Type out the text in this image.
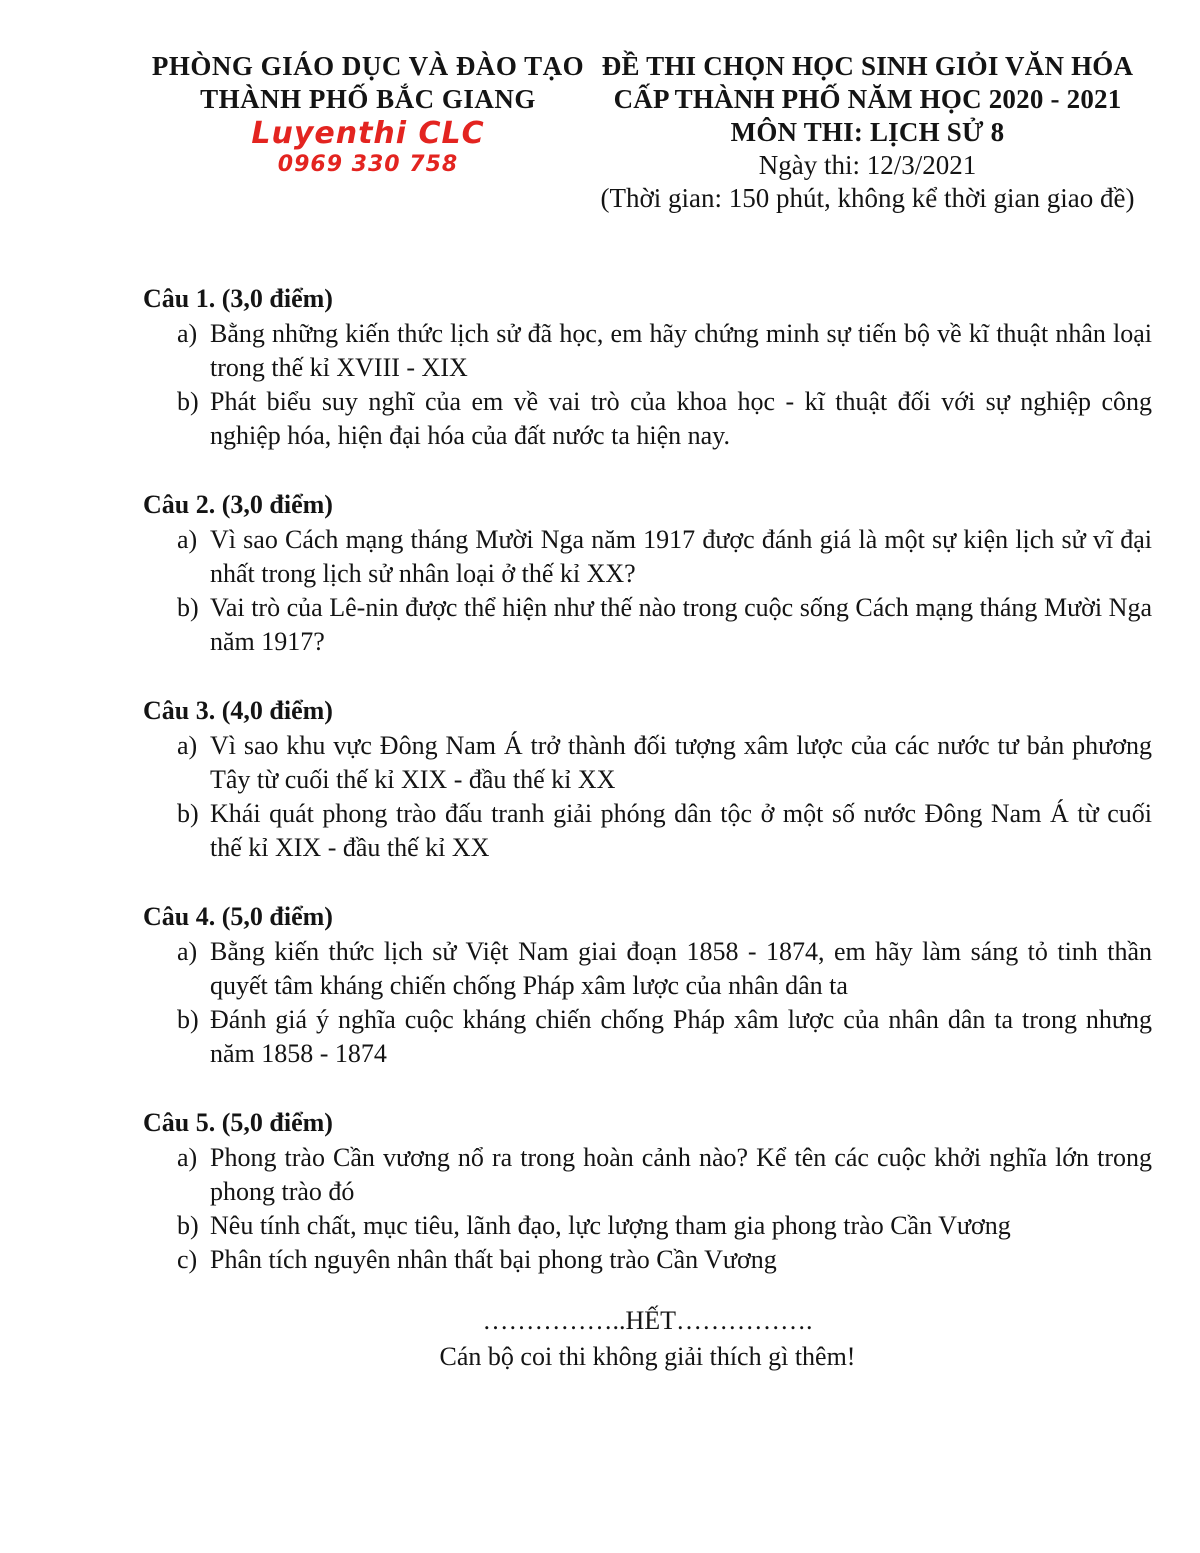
PHÒNG GIÁO DỤC VÀ ĐÀO TẠO
THÀNH PHỐ BẮC GIANG
Luyenthi CLC
0969 330 758
ĐỀ THI CHỌN HỌC SINH GIỎI VĂN HÓA
CẤP THÀNH PHỐ NĂM HỌC 2020 - 2021
MÔN THI: LỊCH SỬ 8
Ngày thi: 12/3/2021
(Thời gian: 150 phút, không kể thời gian giao đề)
Câu 1. (3,0 điểm)
a) Bằng những kiến thức lịch sử đã học, em hãy chứng minh sự tiến bộ về kĩ thuật nhân loại trong thế kỉ XVIII - XIX
b) Phát biểu suy nghĩ của em về vai trò của khoa học - kĩ thuật đối với sự nghiệp công nghiệp hóa, hiện đại hóa của đất nước ta hiện nay.
Câu 2. (3,0 điểm)
a) Vì sao Cách mạng tháng Mười Nga năm 1917 được đánh giá là một sự kiện lịch sử vĩ đại nhất trong lịch sử nhân loại ở thế kỉ XX?
b) Vai trò của Lê-nin được thể hiện như thế nào trong cuộc sống Cách mạng tháng Mười Nga năm 1917?
Câu 3. (4,0 điểm)
a) Vì sao khu vực Đông Nam Á trở thành đối tượng xâm lược của các nước tư bản phương Tây từ cuối thế kỉ XIX - đầu thế kỉ XX
b) Khái quát phong trào đấu tranh giải phóng dân tộc ở một số nước Đông Nam Á từ cuối thế kỉ XIX - đầu thế kỉ XX
Câu 4. (5,0 điểm)
a) Bằng kiến thức lịch sử Việt Nam giai đoạn 1858 - 1874, em hãy làm sáng tỏ tinh thần quyết tâm kháng chiến chống Pháp xâm lược của nhân dân ta
b) Đánh giá ý nghĩa cuộc kháng chiến chống Pháp xâm lược của nhân dân ta trong nhưng năm 1858 - 1874
Câu 5. (5,0 điểm)
a) Phong trào Cần vương nổ ra trong hoàn cảnh nào? Kể tên các cuộc khởi nghĩa lớn trong phong trào đó
b) Nêu tính chất, mục tiêu, lãnh đạo, lực lượng tham gia phong trào Cần Vương
c) Phân tích nguyên nhân thất bại phong trào Cần Vương
……………..HẾT…………….
Cán bộ coi thi không giải thích gì thêm!
